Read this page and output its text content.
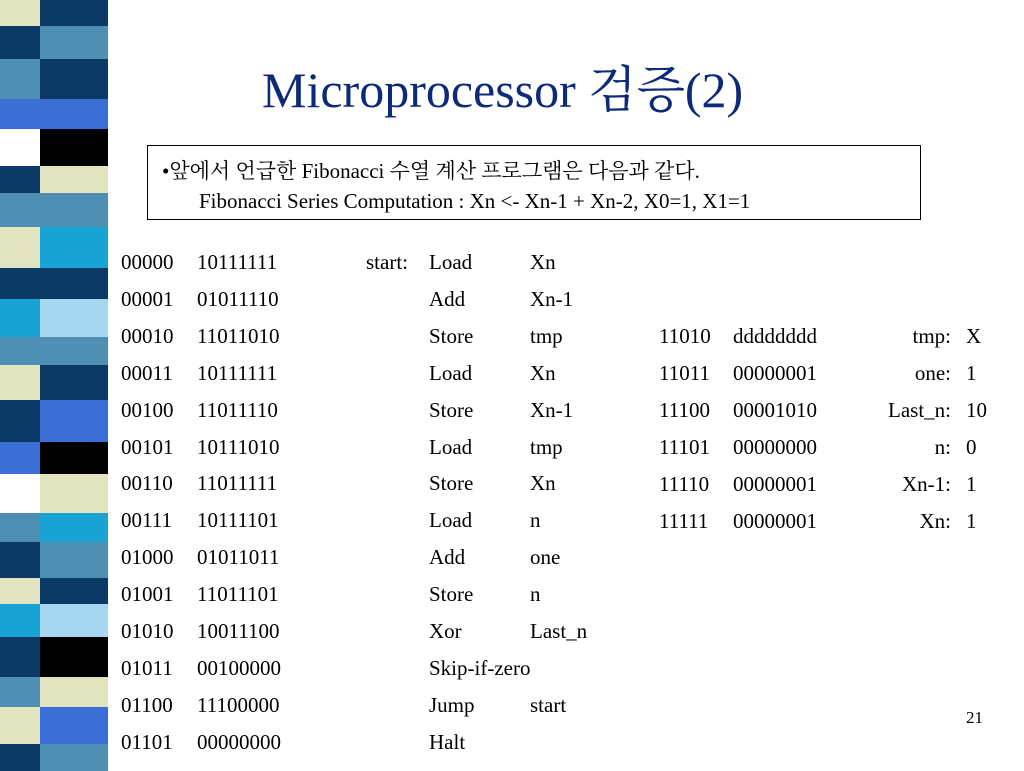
Microprocessor 검증(2)
•앞에서 언급한 Fibonacci 수열 계산 프로그램은 다음과 같다.
Fibonacci Series Computation : Xn <- Xn-1 + Xn-2, X0=1, X1=1
00000 10111111	start: Load	Xn
00001 01011110	Add	Xn-1
00010 11011010	Store	tmp
00011 10111111	Load	Xn
00100 11011110	Store	Xn-1
00101 10111010	Load	tmp
00110 11011111	Store	Xn
00111 10111101	Load	n
01000 01011011	Add	one
01001 11011101	Store	n
01010 10011100	Xor	Last_n
01011 00100000	Skip-if-zero
01100 11100000	Jump	start
01101 00000000	Halt
11010 dddddddd	tmp: X
11011 00000001	one: 1
11100 00001010	Last_n: 10
11101 00000000	n: 0
11110 00000001	Xn-1: 1
11111 00000001	Xn: 1
21
